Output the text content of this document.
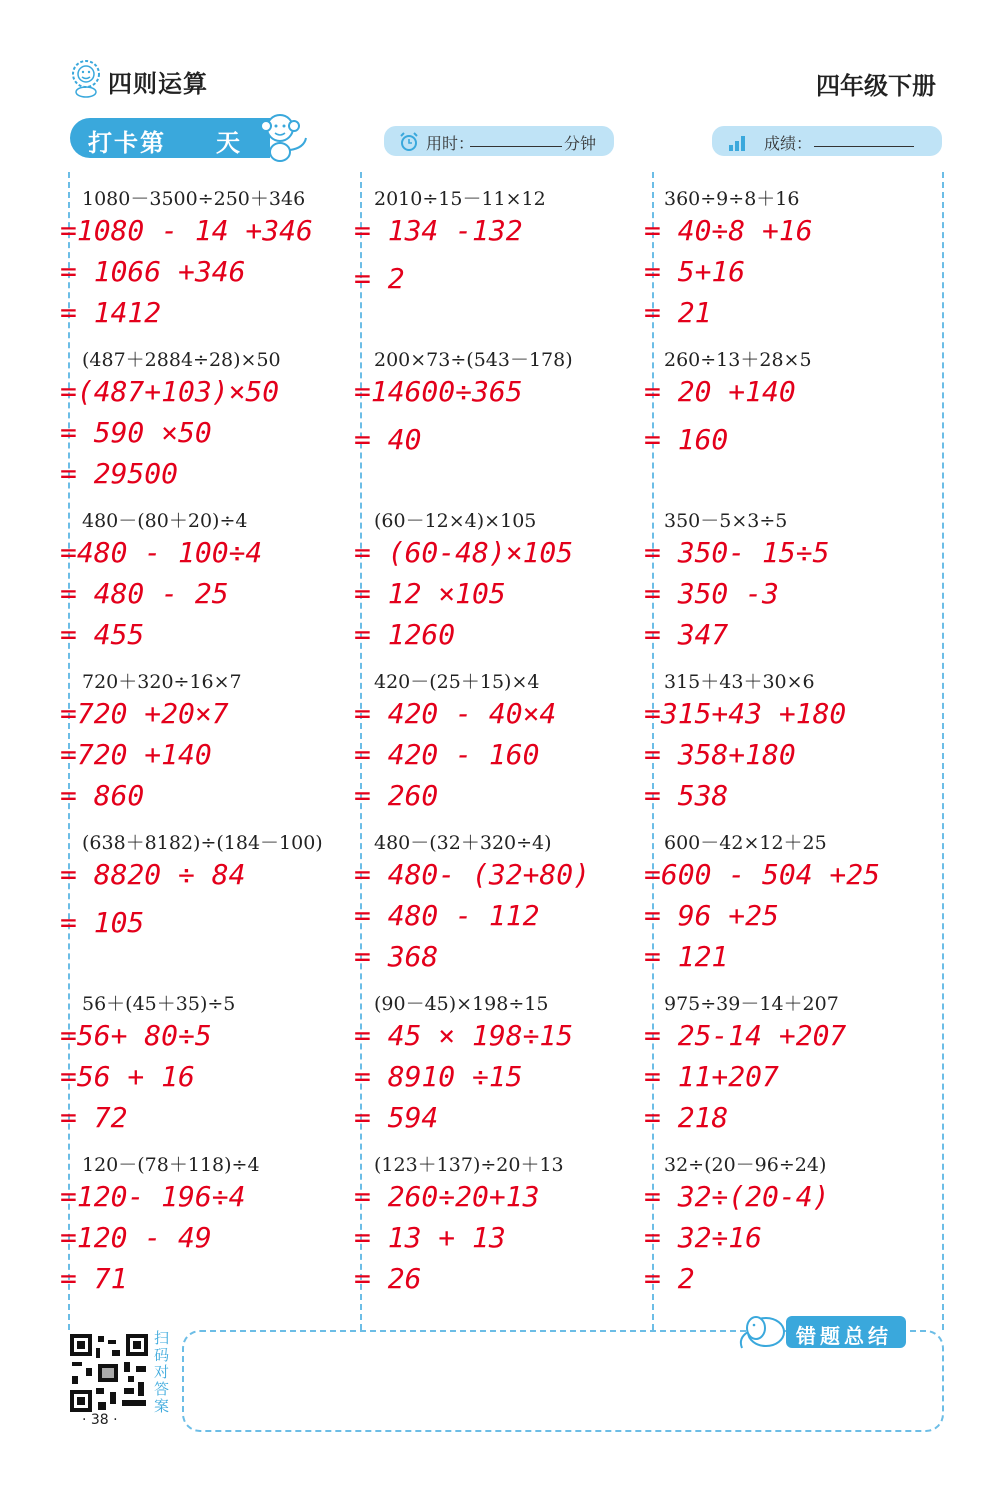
四则运算	四年级下册
打卡第 天	用时：	分钟	成绩：
1080－3500÷250＋346
=1080 - 14 +346
= 1066 +346
= 1412
(487＋2884÷28)×50
=(487+103)×50
= 590 ×50
= 29500
480－(80＋20)÷4
=480 - 100÷4
= 480 - 25
= 455
720＋320÷16×7
=720 +20×7
=720 +140
= 860
(638＋8182)÷(184－100)
= 8820 ÷ 84
= 105
56＋(45＋35)÷5
=56+ 80÷5
=56 + 16
= 72
120－(78＋118)÷4
=120- 196÷4
=120 - 49
= 71
2010÷15－11×12
= 134 -132
= 2
200×73÷(543－178)
=14600÷365
= 40
(60－12×4)×105
= (60-48)×105
= 12 ×105
= 1260
420－(25＋15)×4
= 420 - 40×4
= 420 - 160
= 260
480－(32＋320÷4)
= 480- (32+80)
= 480 - 112
= 368
(90－45)×198÷15
= 45 × 198÷15
= 8910 ÷15
= 594
(123＋137)÷20＋13
= 260÷20+13
= 13 + 13
= 26
360÷9÷8＋16
= 40÷8 +16
= 5+16
= 21
260÷13＋28×5
= 20 +140
= 160
350－5×3÷5
= 350- 15÷5
= 350 -3
= 347
315＋43＋30×6
=315+43 +180
= 358+180
= 538
600－42×12＋25
=600 - 504 +25
= 96 +25
= 121
975÷39－14＋207
= 25-14 +207
= 11+207
= 218
32÷(20－96÷24)
= 32÷(20-4)
= 32÷16
= 2
扫码对答案
· 38 ·
错题总结
